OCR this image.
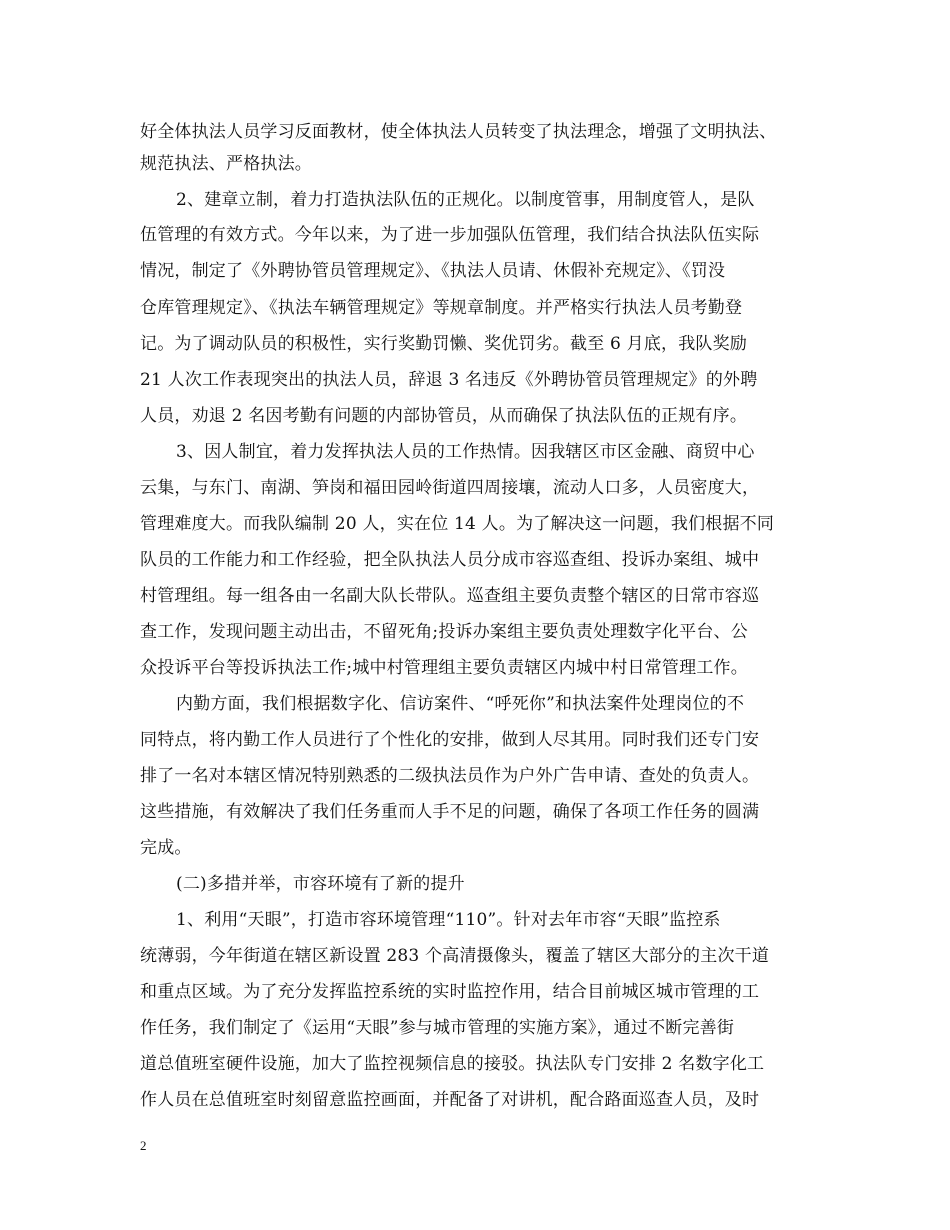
好全体执法人员学习反面教材，使全体执法人员转变了执法理念，增强了文明执法、
规范执法、严格执法。
2、建章立制，着力打造执法队伍的正规化。以制度管事，用制度管人，是队
伍管理的有效方式。今年以来，为了进一步加强队伍管理，我们结合执法队伍实际
情况，制定了《外聘协管员管理规定》、《执法人员请、休假补充规定》、《罚没
仓库管理规定》、《执法车辆管理规定》等规章制度。并严格实行执法人员考勤登
记。为了调动队员的积极性，实行奖勤罚懒、奖优罚劣。截至 6 月底，我队奖励
21 人次工作表现突出的执法人员，辞退 3 名违反《外聘协管员管理规定》的外聘
人员，劝退 2 名因考勤有问题的内部协管员，从而确保了执法队伍的正规有序。
3、因人制宜，着力发挥执法人员的工作热情。因我辖区市区金融、商贸中心
云集，与东门、南湖、笋岗和福田园岭街道四周接壤，流动人口多，人员密度大，
管理难度大。而我队编制 20 人，实在位 14 人。为了解决这一问题，我们根据不同
队员的工作能力和工作经验，把全队执法人员分成市容巡查组、投诉办案组、城中
村管理组。每一组各由一名副大队长带队。巡查组主要负责整个辖区的日常市容巡
查工作，发现问题主动出击，不留死角;投诉办案组主要负责处理数字化平台、公
众投诉平台等投诉执法工作;城中村管理组主要负责辖区内城中村日常管理工作。
内勤方面，我们根据数字化、信访案件、“呼死你”和执法案件处理岗位的不
同特点，将内勤工作人员进行了个性化的安排，做到人尽其用。同时我们还专门安
排了一名对本辖区情况特别熟悉的二级执法员作为户外广告申请、查处的负责人。
这些措施，有效解决了我们任务重而人手不足的问题，确保了各项工作任务的圆满
完成。
(二)多措并举，市容环境有了新的提升
1、利用“天眼”，打造市容环境管理“110”。针对去年市容“天眼”监控系
统薄弱，今年街道在辖区新设置 283 个高清摄像头，覆盖了辖区大部分的主次干道
和重点区域。为了充分发挥监控系统的实时监控作用，结合目前城区城市管理的工
作任务，我们制定了《运用“天眼”参与城市管理的实施方案》，通过不断完善街
道总值班室硬件设施，加大了监控视频信息的接驳。执法队专门安排 2 名数字化工
作人员在总值班室时刻留意监控画面，并配备了对讲机，配合路面巡查人员，及时
2
